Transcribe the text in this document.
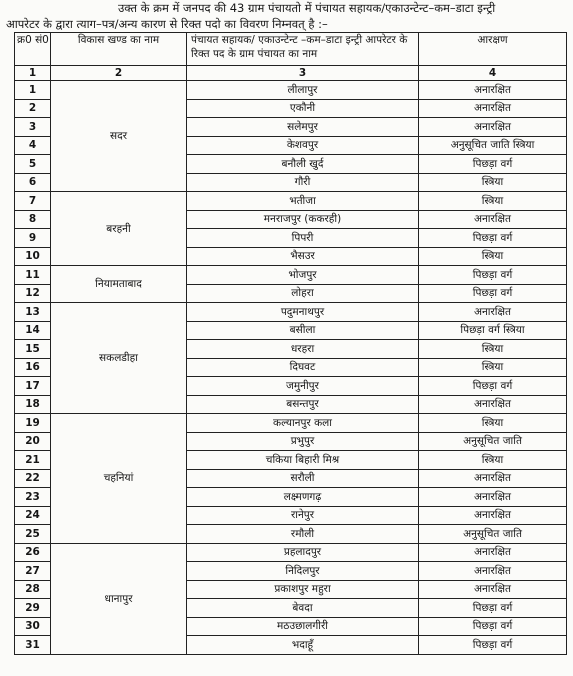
उक्त के क्रम में जनपद की 43 ग्राम पंचायतो में पंचायत सहायक/एकाउन्टेन्ट–कम–डाटा इन्ट्री
आपरेटर के द्वारा त्याग–पत्र/अन्य कारण से रिक्त पदो का विवरण निम्नवत् है :–
क्र0 सं0	विकास खण्ड का नाम	पंचायत सहायक/ एकाउन्टेन्ट –कम–डाटा इन्ट्री आपरेटर के रिक्त पद के ग्राम पंचायत का नाम	आरक्षण
1	2	3	4
1	सदर	लीलापुर	अनारक्षित
2		एकौनी	अनारक्षित
3		सलेमपुर	अनारक्षित
4		केशवपुर	अनुसूचित जाति स्त्रिया
5		बनौली खुर्द	पिछड़ा वर्ग
6		गौरी	स्त्रिया
7	बरहनी	भतीजा	स्त्रिया
8		मनराजपुर (ककरही)	अनारक्षित
9		पिपरी	पिछड़ा वर्ग
10		भैसउर	स्त्रिया
11	नियामताबाद	भोजपुर	पिछड़ा वर्ग
12		लोहरा	पिछड़ा वर्ग
13	सकलडीहा	पदुमनाथपुर	अनारक्षित
14		बसीला	पिछड़ा वर्ग स्त्रिया
15		धरहरा	स्त्रिया
16		दिघवट	स्त्रिया
17		जमुनीपुर	पिछड़ा वर्ग
18		बसन्तपुर	अनारक्षित
19	चहनियां	कल्यानपुर कला	स्त्रिया
20		प्रभुपुर	अनुसूचित जाति
21		चकिया बिहारी मिश्र	स्त्रिया
22		सरौली	अनारक्षित
23		लक्ष्मणगढ़	अनारक्षित
24		रानेपुर	अनारक्षित
25		रमौली	अनुसूचित जाति
26	धानापुर	प्रहलादपुर	अनारक्षित
27		निदिलपुर	अनारक्षित
28		प्रकाशपुर महुरा	अनारक्षित
29		बेवदा	पिछड़ा वर्ग
30		मठउछालगीरी	पिछड़ा वर्ग
31		भदाहूँ	पिछड़ा वर्ग
